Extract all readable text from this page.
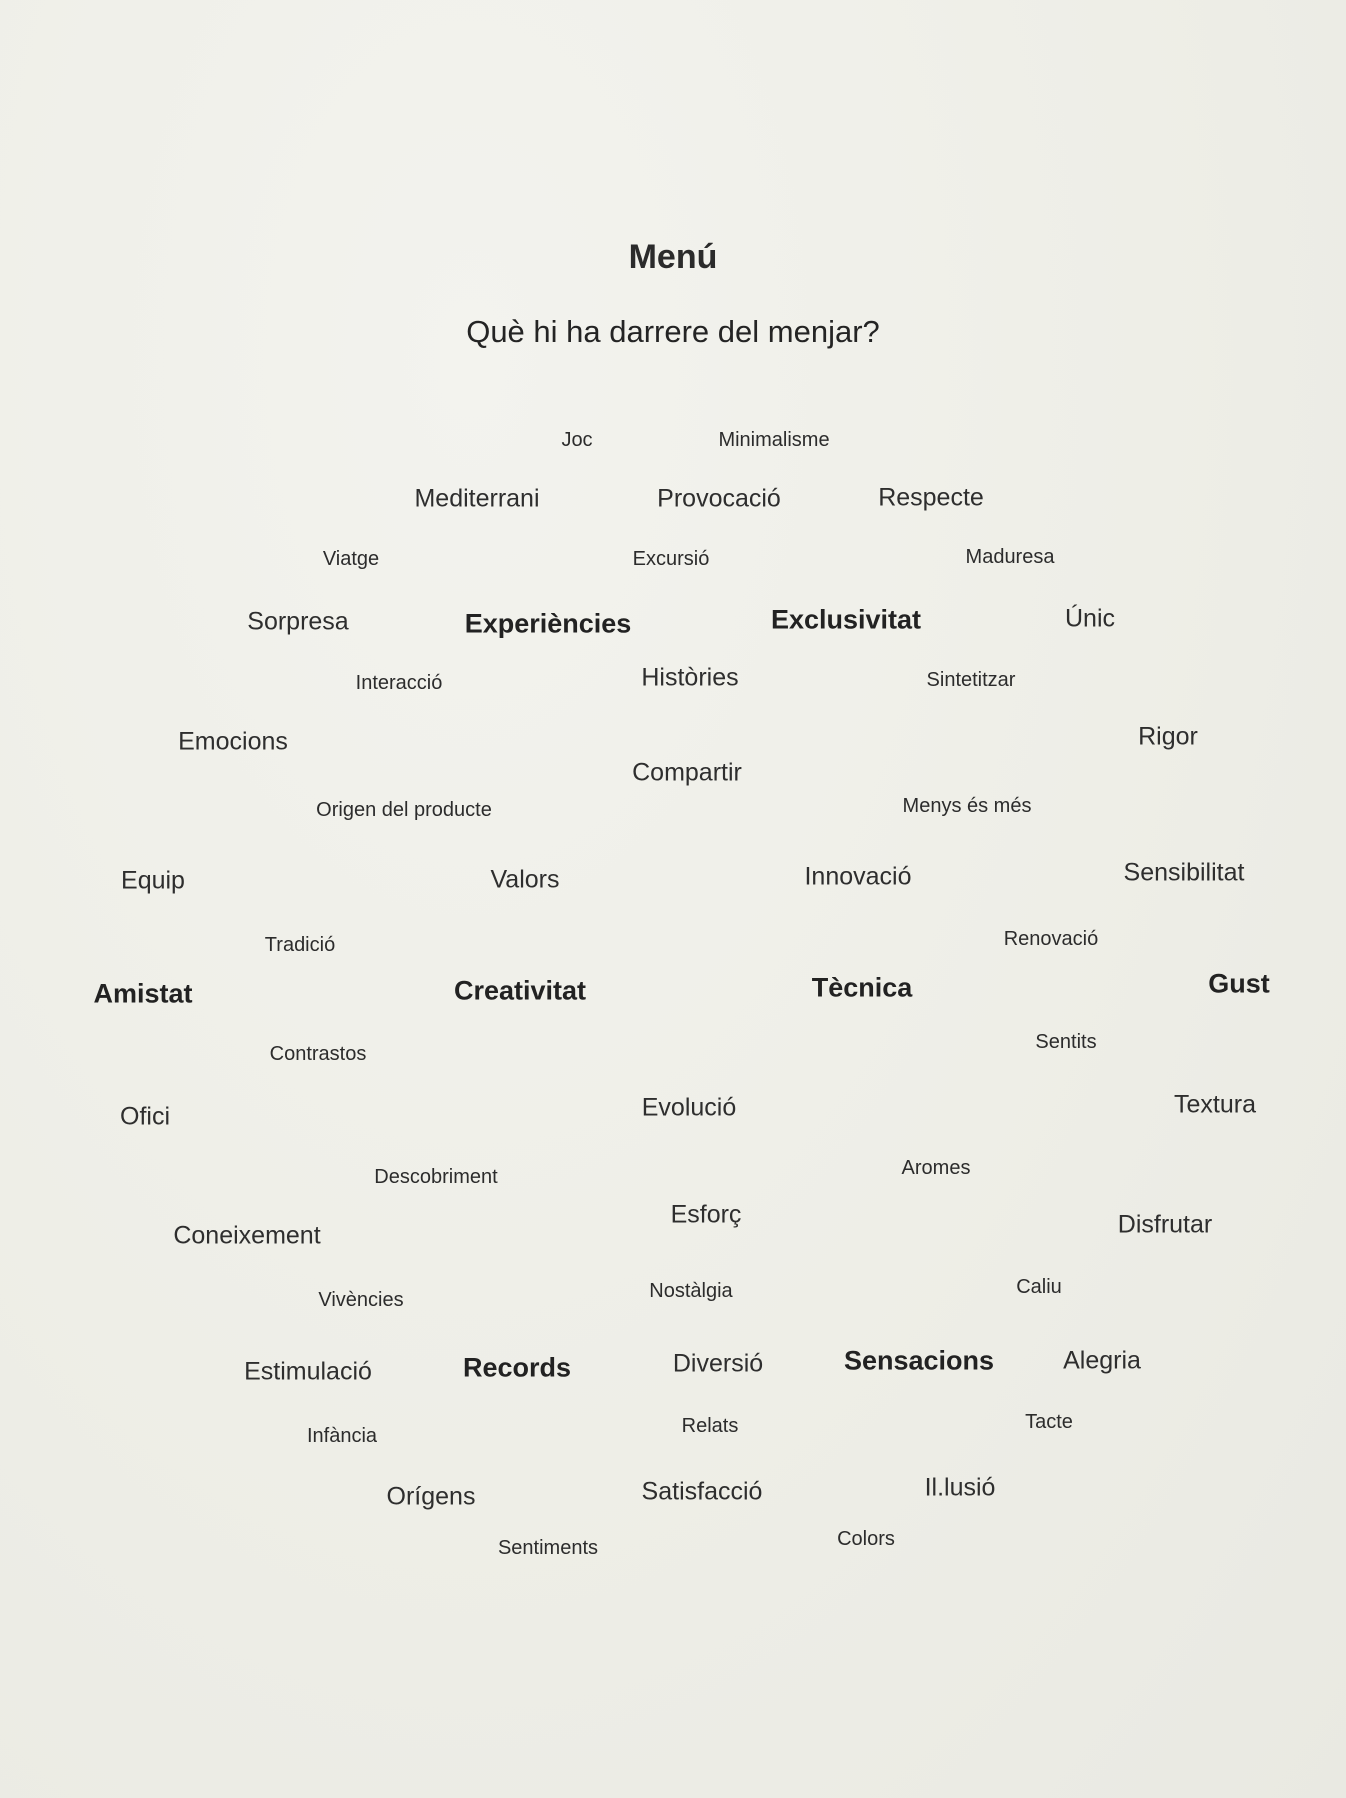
Menú
Què hi ha darrere del menjar?
Joc	Minimalisme
Mediterrani	Provocació	Respecte
Viatge	Excursió	Maduresa
Sorpresa	Experiències	Exclusivitat	Únic
Interacció	Històries	Sintetitzar
Emocions	Rigor
Compartir
Origen del producte	Menys és més
Equip	Valors	Innovació	Sensibilitat
Tradició	Renovació
Amistat	Creativitat	Tècnica	Gust
Contrastos
Sentits
Ofici	Evolució	Textura
Descobriment	Aromes
Esforç
Coneixement	Disfrutar
Vivències	Nostàlgia	Caliu
Estimulació	Records	Diversió	Sensacions	Alegria
Infància	Relats	Tacte
Orígens	Satisfacció	Il.lusió
Sentiments	Colors
